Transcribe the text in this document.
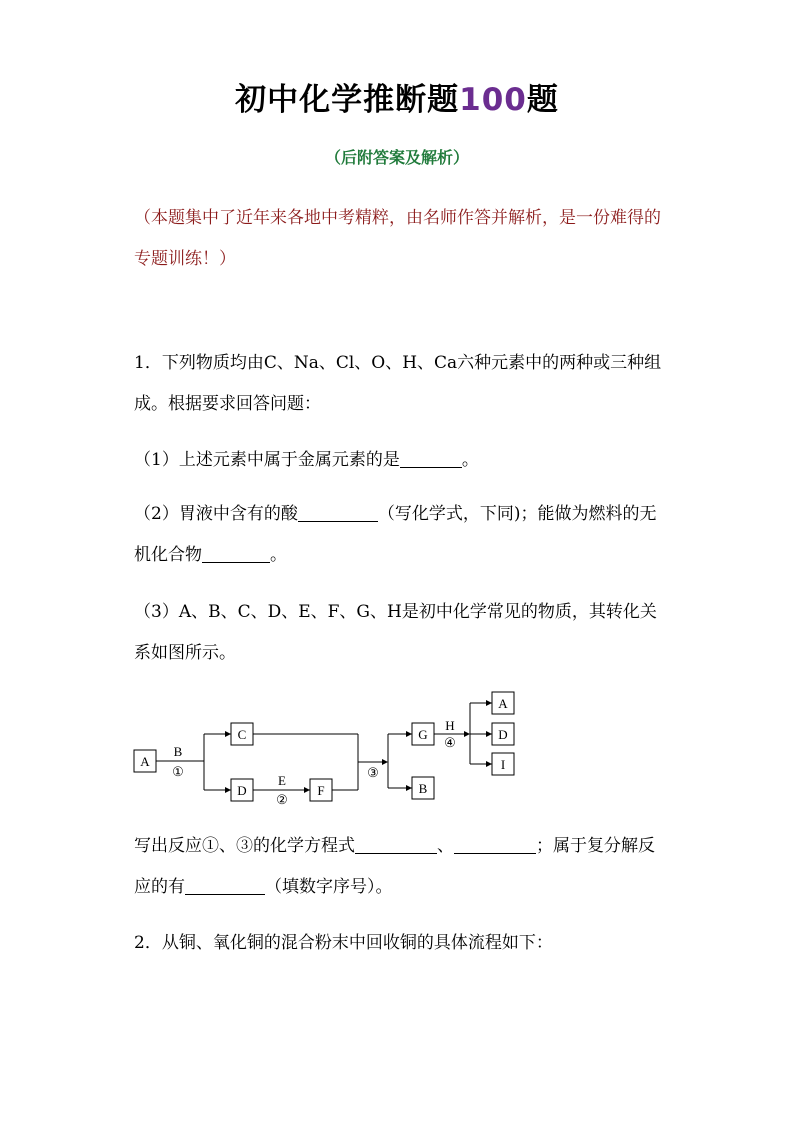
初中化学推断题100题
（后附答案及解析）
（本题集中了近年来各地中考精粹，由名师作答并解析，是一份难得的专题训练！）
1．下列物质均由C、Na、Cl、O、H、Ca六种元素中的两种或三种组成。根据要求回答问题：
（1）上述元素中属于金属元素的是	。
（2）胃液中含有的酸	（写化学式，下同)；能做为燃料的无机化合物	。
（3）A、B、C、D、E、F、G、H是初中化学常见的物质，其转化关系如图所示。
A
C
D	F
G
B
A
D
I
B
①
E
②
③
H
④
写出反应①、③的化学方程式	、	；属于复分解反应的有	（填数字序号）。
2．从铜、氧化铜的混合粉末中回收铜的具体流程如下：
